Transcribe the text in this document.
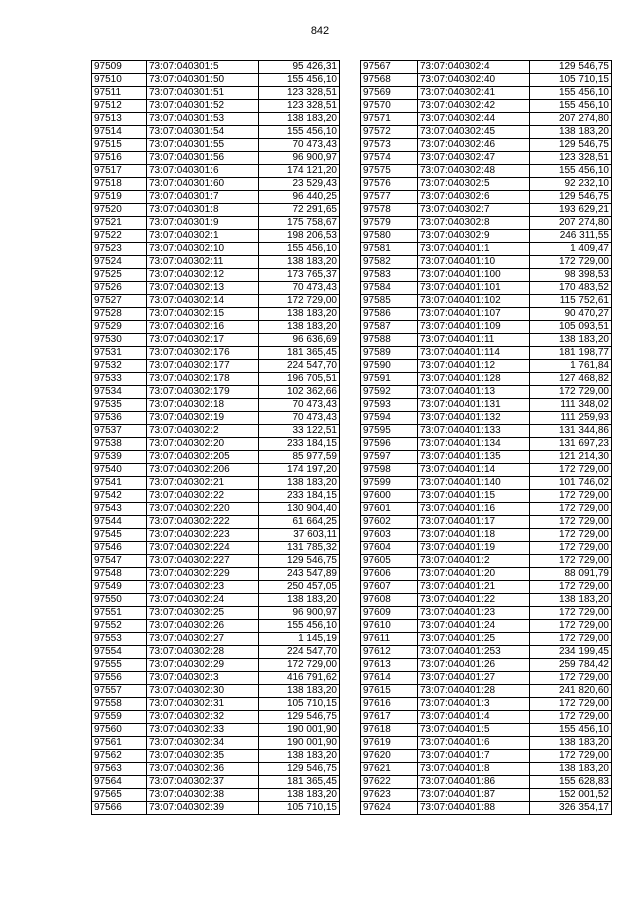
842
97509	73:07:040301:5	95 426,31
97510	73:07:040301:50	155 456,10
97511	73:07:040301:51	123 328,51
97512	73:07:040301:52	123 328,51
97513	73:07:040301:53	138 183,20
97514	73:07:040301:54	155 456,10
97515	73:07:040301:55	70 473,43
97516	73:07:040301:56	96 900,97
97517	73:07:040301:6	174 121,20
97518	73:07:040301:60	23 529,43
97519	73:07:040301:7	96 440,25
97520	73:07:040301:8	72 291,65
97521	73:07:040301:9	175 758,67
97522	73:07:040302:1	198 206,53
97523	73:07:040302:10	155 456,10
97524	73:07:040302:11	138 183,20
97525	73:07:040302:12	173 765,37
97526	73:07:040302:13	70 473,43
97527	73:07:040302:14	172 729,00
97528	73:07:040302:15	138 183,20
97529	73:07:040302:16	138 183,20
97530	73:07:040302:17	96 636,69
97531	73:07:040302:176	181 365,45
97532	73:07:040302:177	224 547,70
97533	73:07:040302:178	196 705,51
97534	73:07:040302:179	102 362,66
97535	73:07:040302:18	70 473,43
97536	73:07:040302:19	70 473,43
97537	73:07:040302:2	33 122,51
97538	73:07:040302:20	233 184,15
97539	73:07:040302:205	85 977,59
97540	73:07:040302:206	174 197,20
97541	73:07:040302:21	138 183,20
97542	73:07:040302:22	233 184,15
97543	73:07:040302:220	130 904,40
97544	73:07:040302:222	61 664,25
97545	73:07:040302:223	37 603,11
97546	73:07:040302:224	131 785,32
97547	73:07:040302:227	129 546,75
97548	73:07:040302:229	243 547,89
97549	73:07:040302:23	250 457,05
97550	73:07:040302:24	138 183,20
97551	73:07:040302:25	96 900,97
97552	73:07:040302:26	155 456,10
97553	73:07:040302:27	1 145,19
97554	73:07:040302:28	224 547,70
97555	73:07:040302:29	172 729,00
97556	73:07:040302:3	416 791,62
97557	73:07:040302:30	138 183,20
97558	73:07:040302:31	105 710,15
97559	73:07:040302:32	129 546,75
97560	73:07:040302:33	190 001,90
97561	73:07:040302:34	190 001,90
97562	73:07:040302:35	138 183,20
97563	73:07:040302:36	129 546,75
97564	73:07:040302:37	181 365,45
97565	73:07:040302:38	138 183,20
97566	73:07:040302:39	105 710,15
97567	73:07:040302:4	129 546,75
97568	73:07:040302:40	105 710,15
97569	73:07:040302:41	155 456,10
97570	73:07:040302:42	155 456,10
97571	73:07:040302:44	207 274,80
97572	73:07:040302:45	138 183,20
97573	73:07:040302:46	129 546,75
97574	73:07:040302:47	123 328,51
97575	73:07:040302:48	155 456,10
97576	73:07:040302:5	92 232,10
97577	73:07:040302:6	129 546,75
97578	73:07:040302:7	193 629,21
97579	73:07:040302:8	207 274,80
97580	73:07:040302:9	246 311,55
97581	73:07:040401:1	1 409,47
97582	73:07:040401:10	172 729,00
97583	73:07:040401:100	98 398,53
97584	73:07:040401:101	170 483,52
97585	73:07:040401:102	115 752,61
97586	73:07:040401:107	90 470,27
97587	73:07:040401:109	105 093,51
97588	73:07:040401:11	138 183,20
97589	73:07:040401:114	181 198,77
97590	73:07:040401:12	1 761,84
97591	73:07:040401:128	127 468,82
97592	73:07:040401:13	172 729,00
97593	73:07:040401:131	111 348,02
97594	73:07:040401:132	111 259,93
97595	73:07:040401:133	131 344,86
97596	73:07:040401:134	131 697,23
97597	73:07:040401:135	121 214,30
97598	73:07:040401:14	172 729,00
97599	73:07:040401:140	101 746,02
97600	73:07:040401:15	172 729,00
97601	73:07:040401:16	172 729,00
97602	73:07:040401:17	172 729,00
97603	73:07:040401:18	172 729,00
97604	73:07:040401:19	172 729,00
97605	73:07:040401:2	172 729,00
97606	73:07:040401:20	88 091,79
97607	73:07:040401:21	172 729,00
97608	73:07:040401:22	138 183,20
97609	73:07:040401:23	172 729,00
97610	73:07:040401:24	172 729,00
97611	73:07:040401:25	172 729,00
97612	73:07:040401:253	234 199,45
97613	73:07:040401:26	259 784,42
97614	73:07:040401:27	172 729,00
97615	73:07:040401:28	241 820,60
97616	73:07:040401:3	172 729,00
97617	73:07:040401:4	172 729,00
97618	73:07:040401:5	155 456,10
97619	73:07:040401:6	138 183,20
97620	73:07:040401:7	172 729,00
97621	73:07:040401:8	138 183,20
97622	73:07:040401:86	155 628,83
97623	73:07:040401:87	152 001,52
97624	73:07:040401:88	326 354,17
